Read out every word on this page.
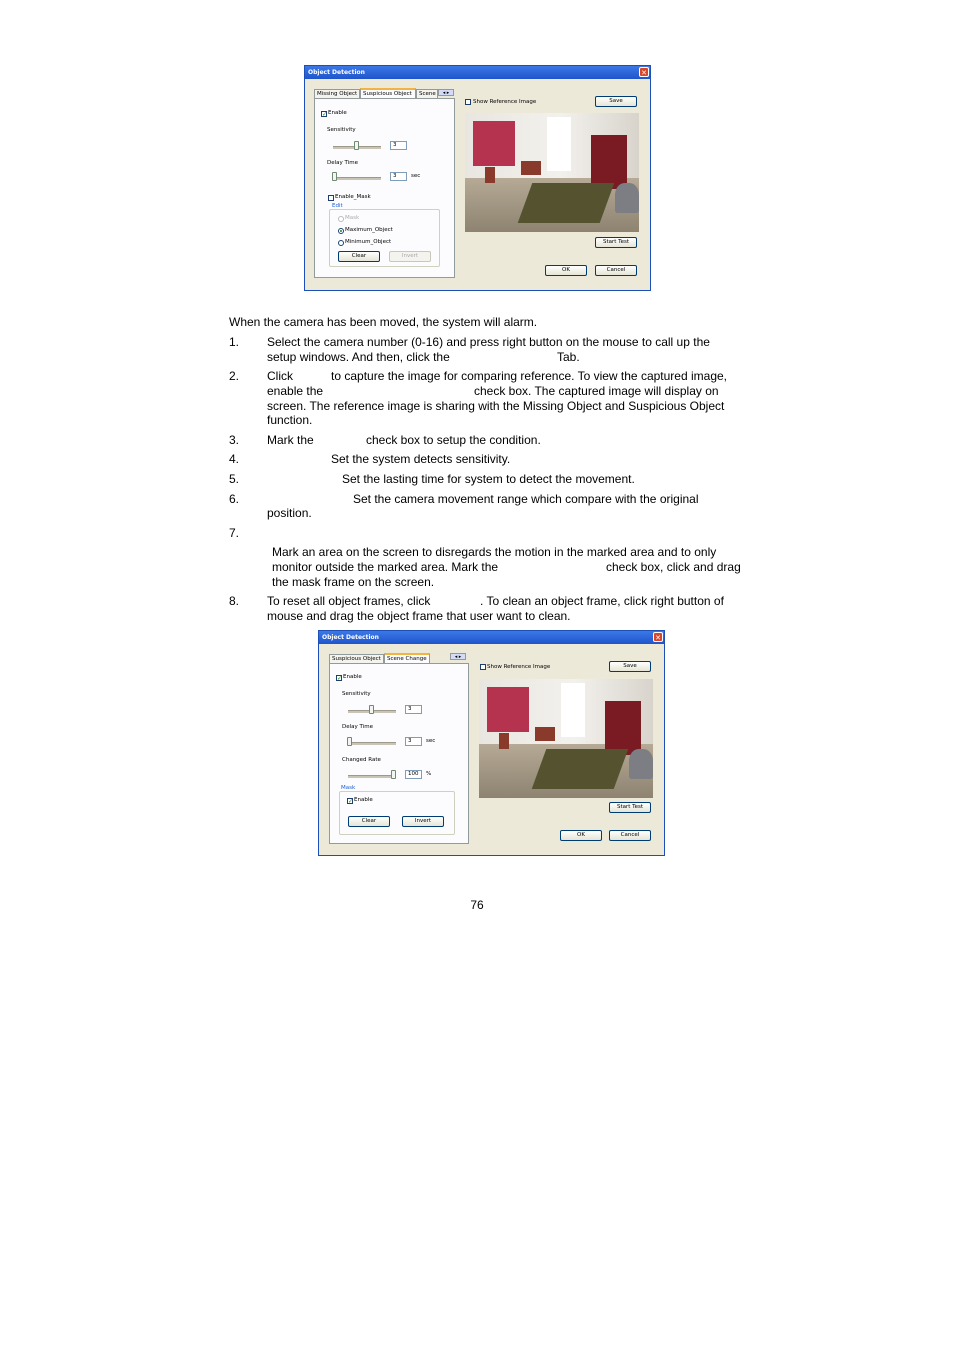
Object Detection	✕
Missing Object	Suspicious Object	Scene	◂ ▸
✓ Enable
Sensitivity
3
Delay Time
3	sec
Enable_Mask
Edit
Mask
Maximum_Object
Minimum_Object
Clear	Invert
Show Reference Image	Save
Start Test
OK	Cancel
When the camera has been moved, the system will alarm.
1. Select the camera number (0-16) and press right button on the mouse to call up the
setup windows. And then, click the	Tab.
2. Click	to capture the image for comparing reference. To view the captured image,
enable the	check box. The captured image will display on
screen. The reference image is sharing with the Missing Object and Suspicious Object
function.
3. Mark the	check box to setup the condition.
4.	Set the system detects sensitivity.
5.	Set the lasting time for system to detect the movement.
6.	Set the camera movement range which compare with the original
position.
7.
Mark an area on the screen to disregards the motion in the marked area and to only
monitor outside the marked area. Mark the	check box, click and drag
the mask frame on the screen.
8. To reset all object frames, click	. To clean an object frame, click right button of
mouse and drag the object frame that user want to clean.
Object Detection	✕
Suspicious Object	Scene Change	◂ ▸
✓ Enable
Sensitivity
3
Delay Time
3	sec
Changed Rate
100	%
Mask
✓ Enable
Clear	Invert
Show Reference Image	Save
Start Test
OK	Cancel
76
